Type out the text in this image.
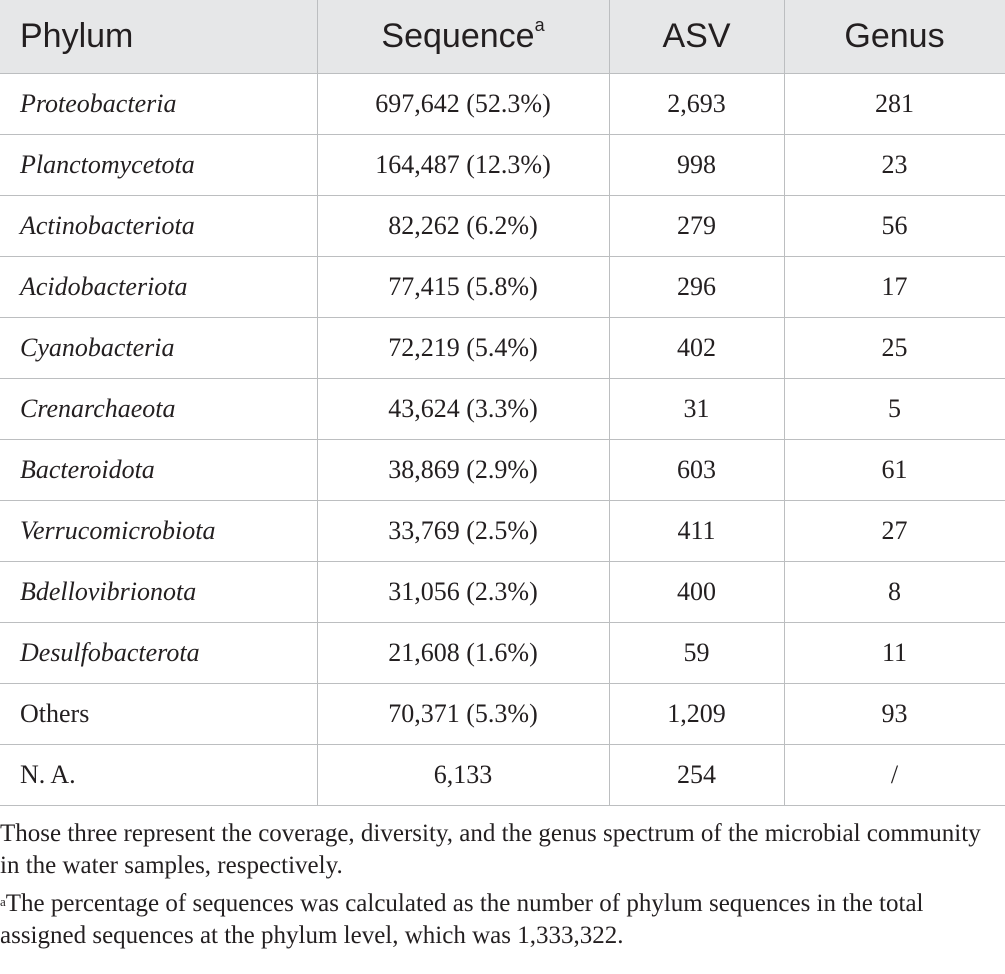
Phylum	Sequence$^a$	ASV	Genus
Proteobacteria	697,642 (52.3%)	2,693	281
Planctomycetota	164,487 (12.3%)	998	23
Actinobacteriota	82,262 (6.2%)	279	56
Acidobacteriota	77,415 (5.8%)	296	17
Cyanobacteria	72,219 (5.4%)	402	25
Crenarchaeota	43,624 (3.3%)	31	5
Bacteroidota	38,869 (2.9%)	603	61
Verrucomicrobiota	33,769 (2.5%)	411	27
Bdellovibrionota	31,056 (2.3%)	400	8
Desulfobacterota	21,608 (1.6%)	59	11
Others	70,371 (5.3%)	1,209	93
N. A.	6,133	254	/

Those three represent the coverage, diversity, and the genus spectrum of the microbial community in the water samples, respectively.

$^a$The percentage of sequences was calculated as the number of phylum sequences in the total assigned sequences at the phylum level, which was 1,333,322.
